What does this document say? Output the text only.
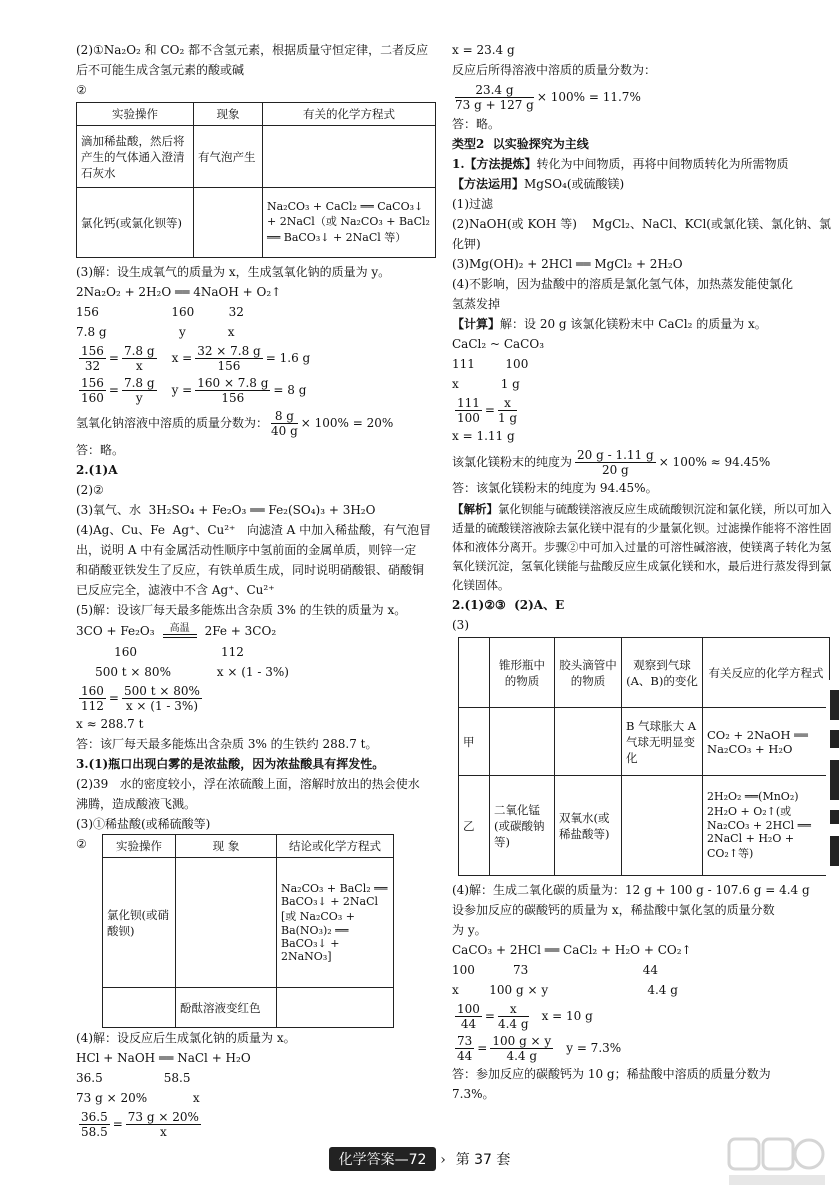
(2)①Na₂O₂ 和 CO₂ 都不含氢元素，根据质量守恒定律，二者反应
后不可能生成含氢元素的酸或碱
②
实验操作	现象	有关的化学方程式
滴加稀盐酸，然后将产生的气体通入澄清石灰水	有气泡产生	
氯化钙(或氯化钡等)		Na₂CO₃ + CaCl₂ ══ CaCO₃↓ + 2NaCl（或 Na₂CO₃ + BaCl₂ ══ BaCO₃↓ + 2NaCl 等）
(3)解：设生成氧气的质量为 x，生成氢氧化钠的质量为 y。
2Na₂O₂ + 2H₂O ══ 4NaOH + O₂↑
156                   160         32
7.8 g                   y           x
$\frac{156}{32} = \frac{7.8 g}{x}$ $x = \frac{32 \times 7.8 g}{156} = 1.6$ g
$\frac{156}{160} = \frac{7.8 g}{y}$ $y = \frac{160 \times 7.8 g}{156} = 8$ g
氢氧化钠溶液中溶质的质量分数为： $\frac{8 g}{40 g} \times 100\% = 20\%$
答：略。
2.(1)A
(2)②
(3)氧气、水  3H₂SO₄ + Fe₂O₃ ══ Fe₂(SO₄)₃ + 3H₂O
(4)Ag、Cu、Fe  Ag⁺、Cu²⁺   向滤渣 A 中加入稀盐酸，有气泡冒
出，说明 A 中有金属活动性顺序中氢前面的金属单质，则锌一定
和硝酸亚铁发生了反应，有铁单质生成，同时说明硝酸银、硝酸铜
已反应完全，滤液中不含 Ag⁺、Cu²⁺
(5)解：设该厂每天最多能炼出含杂质 3% 的生铁的质量为 x。
3CO + Fe₂O₃	高温	2Fe + 3CO₂
160                      112
500 t × 80%            x × (1 - 3%)
$\frac{160}{112} = \frac{500 t \times 80\%}{x \times (1 - 3\%)}$
x ≈ 288.7 t
答：该厂每天最多能炼出含杂质 3% 的生铁约 288.7 t。
3.(1)瓶口出现白雾的是浓盐酸，因为浓盐酸具有挥发性。
(2)39   水的密度较小，浮在浓硫酸上面，溶解时放出的热会使水
沸腾，造成酸液飞溅。
(3)①稀盐酸(或稀硫酸等)
②	实验操作	现 象	结论或化学方程式
氯化钡(或硝酸钡)		Na₂CO₃ + BaCl₂ ══ BaCO₃↓ + 2NaCl [或 Na₂CO₃ + Ba(NO₃)₂ ══ BaCO₃↓ + 2NaNO₃]
	酚酞溶液变红色	
(4)解：设反应后生成氯化钠的质量为 x。
HCl + NaOH ══ NaCl + H₂O
36.5                58.5
73 g × 20%            x
$\frac{36.5}{58.5} = \frac{73 g \times 20\%}{x}$
x = 23.4 g
反应后所得溶液中溶质的质量分数为：
$\frac{23.4 g}{73 g + 127 g} \times 100\% = 11.7\%$
答：略。
类型2  以实验探究为主线
1.【方法提炼】转化为中间物质，再将中间物质转化为所需物质
【方法运用】MgSO₄(或硫酸镁)
(1)过滤
(2)NaOH(或 KOH 等)    MgCl₂、NaCl、KCl(或氯化镁、氯化钠、氯
化钾)
(3)Mg(OH)₂ + 2HCl ══ MgCl₂ + 2H₂O
(4)不影响，因为盐酸中的溶质是氯化氢气体，加热蒸发能使氯化
氢蒸发掉
【计算】解：设 20 g 该氯化镁粉末中 CaCl₂ 的质量为 x。
CaCl₂ ~ CaCO₃
111        100
x           1 g
$\frac{111}{100} = \frac{x}{1 g}$
x = 1.11 g
该氯化镁粉末的纯度为 $\frac{20 g - 1.11 g}{20 g} \times 100\% \approx 94.45\%$
答：该氯化镁粉末的纯度为 94.45%。
【解析】氯化钡能与硫酸镁溶液反应生成硫酸钡沉淀和氯化镁，所以可加入适量的硫酸镁溶液除去氯化镁中混有的少量氯化钡。过滤操作能将不溶性固体和液体分离开。步骤②中可加入过量的可溶性碱溶液，使镁离子转化为氢氧化镁沉淀，氢氧化镁能与盐酸反应生成氯化镁和水，最后进行蒸发得到氯化镁固体。
2.(1)②③  (2)A、E
(3)
	锥形瓶中的物质	胶头滴管中的物质	观察到气球(A、B)的变化	有关反应的化学方程式
甲			B 气球胀大 A 气球无明显变化	CO₂ + 2NaOH ══ Na₂CO₃ + H₂O
乙	二氧化锰(或碳酸钠等)	双氧水(或稀盐酸等)		2H₂O₂ ══(MnO₂) 2H₂O + O₂↑(或 Na₂CO₃ + 2HCl ══ 2NaCl + H₂O + CO₂↑等)
(4)解：生成二氧化碳的质量为：12 g + 100 g - 107.6 g = 4.4 g
设参加反应的碳酸钙的质量为 x，稀盐酸中氯化氢的质量分数
为 y。
CaCO₃ + 2HCl ══ CaCl₂ + H₂O + CO₂↑
100          73                              44
x        100 g × y                          4.4 g
$\frac{100}{44} = \frac{x}{4.4 g}$ x = 10 g
$\frac{73}{44} = \frac{100 g \times y}{4.4 g}$ y = 7.3%
答：参加反应的碳酸钙为 10 g；稀盐酸中溶质的质量分数为
7.3%。
化学答案—72 › 第 37 套
